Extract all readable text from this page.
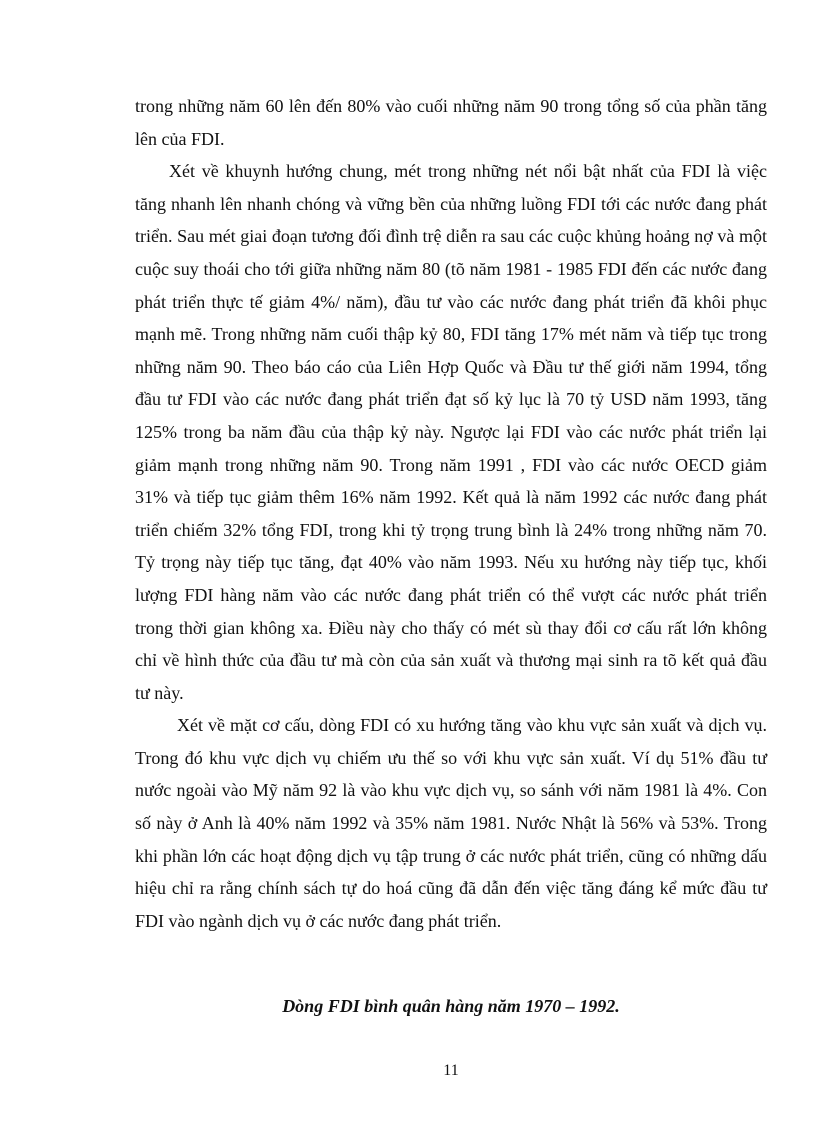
trong những năm 60 lên đến 80% vào cuối những năm 90 trong tổng số của phần tăng lên của FDI.

Xét về khuynh hướng chung, mét trong những nét nổi bật nhất của FDI là việc tăng nhanh lên nhanh chóng và vững bền của những luồng FDI tới các nước đang phát triển. Sau mét giai đoạn tương đối đình trệ diễn ra sau các cuộc khủng hoảng nợ và một cuộc suy thoái cho tới giữa những năm 80 (tõ năm 1981 - 1985 FDI đến các nước đang phát triển thực tế giảm 4%/ năm), đầu tư vào các nước đang phát triển đã khôi phục mạnh mẽ. Trong những năm cuối thập kỷ 80, FDI tăng 17% mét năm và tiếp tục trong những năm 90. Theo báo cáo của Liên Hợp Quốc và Đầu tư thế giới năm 1994, tổng đầu tư FDI vào các nước đang phát triển đạt số kỷ lục là 70 tỷ USD năm 1993, tăng 125% trong ba năm đầu của thập kỷ này. Ngược lại FDI vào các nước phát triển lại giảm mạnh trong những năm 90. Trong năm 1991 , FDI vào các nước OECD giảm 31% và tiếp tục giảm thêm 16% năm 1992. Kết quả là năm 1992 các nước đang phát triển chiếm 32% tổng FDI, trong khi tỷ trọng trung bình là 24% trong những năm 70. Tỷ trọng này tiếp tục tăng, đạt 40% vào năm 1993. Nếu xu hướng này tiếp tục, khối lượng FDI hàng năm vào các nước đang phát triển có thể vượt các nước phát triển trong thời gian không xa. Điều này cho thấy có mét sù thay đổi cơ cấu rất lớn không chỉ về hình thức của đầu tư mà còn của sản xuất và thương mại sinh ra tõ kết quả đầu tư này.

Xét về mặt cơ cấu, dòng FDI có xu hướng tăng vào khu vực sản xuất và dịch vụ. Trong đó khu vực dịch vụ chiếm ưu thế so với khu vực sản xuất. Ví dụ 51% đầu tư nước ngoài vào Mỹ năm 92 là vào khu vực dịch vụ, so sánh với năm 1981 là 4%. Con số này ở Anh là 40% năm 1992 và 35% năm 1981. Nước Nhật là 56% và 53%. Trong khi phần lớn các hoạt động dịch vụ tập trung ở các nước phát triển, cũng có những dấu hiệu chỉ ra rằng chính sách tự do hoá cũng đã dẫn đến việc tăng đáng kể mức đầu tư FDI vào ngành dịch vụ ở các nước đang phát triển.

Dòng FDI bình quân hàng năm 1970 – 1992.

11
